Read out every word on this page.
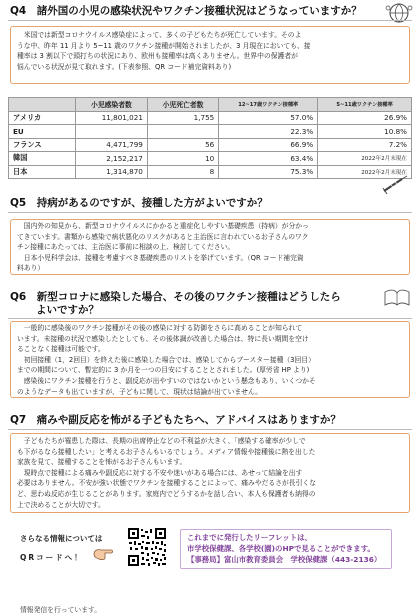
Q4　諸外国の小児の感染状況やワクチン接種状況はどうなっていますか？

米国では新型コロナウイルス感染症によって、多くの子どもたちが死亡しています。そのよ

うな中、昨年 11 月より 5~11 歳のワクチン接種が開始されましたが、3 月現在においても、接

種率は 3 割以下で頭打ちの状況にあり、欧州も接種率は高くありません。世界中の保護者が

悩んでいる状況が見て取れます。(下表参照、QR コード補完資料あり)

	小児感染者数	小児死亡者数	12~17歳ワクチン接種率	5~11歳ワクチン接種率
アメリカ	11,801,021	1,755	57.0%	26.9%
EU			22.3%	10.8%
フランス	4,471,799	56	66.9%	7.2%
韓国	2,152,217	10	63.4%	2022年2月末現在
日本	1,314,870	8	75.3%	2022年2月末現在
Q5　持病があるのですが、接種した方がよいですか？

国内外の知見から、新型コロナウイルスにかかると重症化しやすい基礎疾患（持病）が分かっ

てきています。書類から感染で病状悪化のリスクがあると主治医に言われているお子さんのワク

チン接種にあたっては、主治医に事前に相談の上、検討してください。

日本小児科学会は、接種を考慮すべき基礎疾患のリストを挙げています。（QR コード補完資

料あり）

Q6　新型コロナに感染した場合、その後のワクチン接種はどうしたら
よいですか？

一般的に感染後のワクチン接種がその後の感染に対する防御をさらに高めることが知られて

います。未接種の状況で感染したとしても、その後体調が改善した場合は、特に長い期間を空け

ることなく接種は可能です。

初回接種（1，2回目）を終えた後に感染した場合では、感染してからブースター接種（3回目）

までの期間について、暫定的に 3 か月を一つの目安にすることとされました。(厚労省 HP より)

感染後にワクチン接種を行うと、副反応が出やすいのではないかという懸念もあり、いくつかそ

のようなデータも出ていますが、子どもに関して、現状は結論が出ていません。

Q7　痛みや副反応を怖がる子どもたちへ、アドバイスはありますか？

子どもたちが罹患した際は、長期の出席停止などの不利益が大きく、「感染する確率が少しで

も下がるなら接種したい」と考えるお子さんもいるでしょう。メディア情報や接種後に熱を出した

家族を見て、接種することを怖がるお子さんもいます。

現時点で接種による痛みや副反応に対する不安や迷いがある場合には、あせって結論を出す

必要はありません。不安が強い状態でワクチンを接種することによって、痛みやだるさが長引くな

ど、思わぬ反応が生じることがあります。家庭内でどうするかを話し合い、本人も保護者も納得の

上で決めることが大切です。

さらなる情報については
QRコードへ！
これまでに発行したリーフレットは、
市学校保健課、各学校(園)のHPで見ることができます。
【事務局】富山市教育委員会　学校保健課（443-2136）
情報発信を行っています。
